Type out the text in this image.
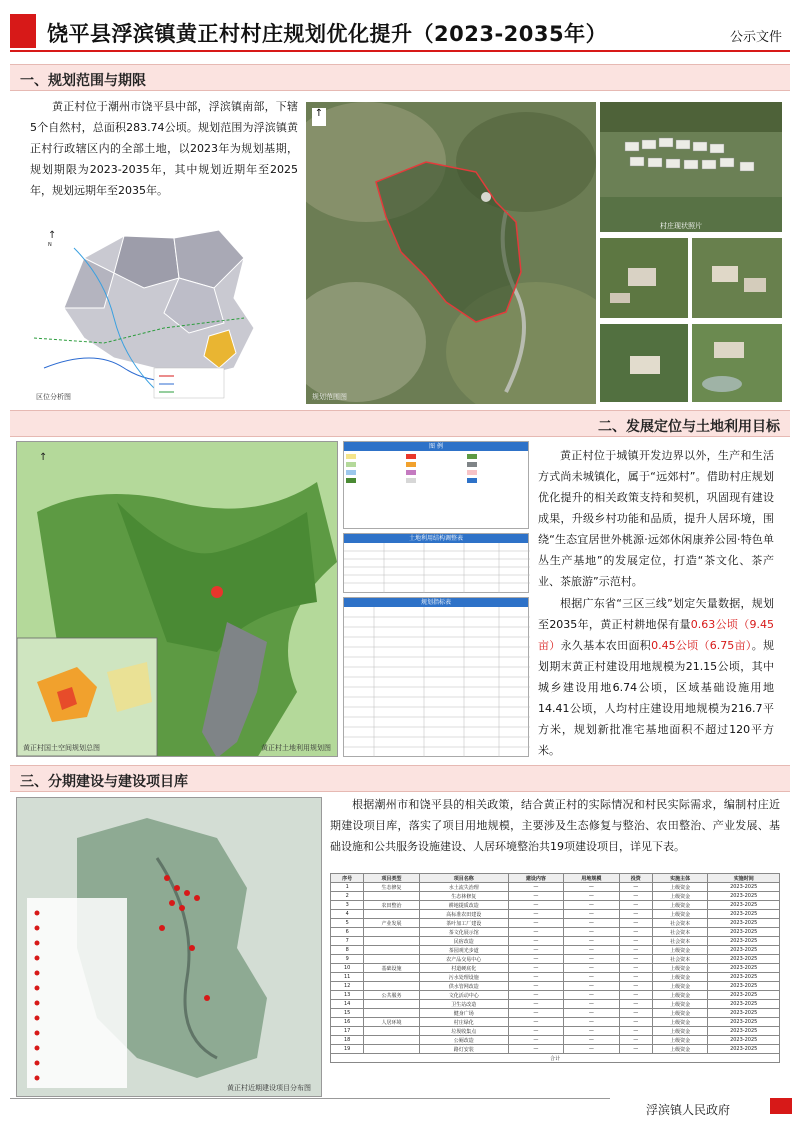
饶平县浮滨镇黄正村村庄规划优化提升（2023-2035年）	公示文件
一、规划范围与期限
黄正村位于潮州市饶平县中部，浮滨镇南部，下辖5个自然村，总面积283.74公顷。规划范围为浮滨镇黄正村行政辖区内的全部土地，以2023年为规划基期，规划期限为2023-2035年，其中规划近期年至2025年，规划远期年至2035年。
↑
N
区位分析图
↑
规划范围图
村庄现状照片
二、发展定位与土地利用目标
↑
黄正村国土空间规划总图	黄正村土地利用规划图
图 例
土地利用结构调整表
规划指标表
黄正村位于城镇开发边界以外，生产和生活方式尚未城镇化，属于“远郊村”。借助村庄规划优化提升的相关政策支持和契机，巩固现有建设成果，升级乡村功能和品质，提升人居环境，围绕“生态宜居世外桃源·远郊休闲康养公园·特色单丛生产基地”的发展定位，打造“茶文化、茶产业、茶旅游”示范村。
根据广东省“三区三线”划定矢量数据，规划至2035年，黄正村耕地保有量0.63公顷（9.45亩）永久基本农田面积0.45公顷（6.75亩）。规划期末黄正村建设用地规模为21.15公顷，其中城乡建设用地6.74公顷，区域基础设施用地14.41公顷，人均村庄建设用地规模为216.7平方米，规划新批准宅基地面积不超过120平方米。
三、分期建设与建设项目库
黄正村近期建设项目分布图
根据潮州市和饶平县的相关政策，结合黄正村的实际情况和村民实际需求，编制村庄近期建设项目库，落实了项目用地规模，主要涉及生态修复与整治、农田整治、产业发展、基础设施和公共服务设施建设、人居环境整治共19项建设项目，详见下表。
序号	项目类型	项目名称	建设内容	用地规模	投资	实施主体	实施时间
1	生态修复	水土流失治理	—	—	—	上级资金	2023-2025
2		生态林修复	—	—	—	上级资金	2023-2025
3	农田整治	耕地提质改造	—	—	—	上级资金	2023-2025
4		高标准农田建设	—	—	—	上级资金	2023-2025
5	产业发展	茶叶加工厂建设	—	—	—	社会资本	2023-2025
6		茶文化展示馆	—	—	—	社会资本	2023-2025
7		民宿改造	—	—	—	社会资本	2023-2025
8		茶园观光步道	—	—	—	上级资金	2023-2025
9		农产品交易中心	—	—	—	社会资本	2023-2025
10	基础设施	村道硬底化	—	—	—	上级资金	2023-2025
11		污水处理设施	—	—	—	上级资金	2023-2025
12		供水管网改造	—	—	—	上级资金	2023-2025
13	公共服务	文化活动中心	—	—	—	上级资金	2023-2025
14		卫生站改造	—	—	—	上级资金	2023-2025
15		健身广场	—	—	—	上级资金	2023-2025
16	人居环境	村庄绿化	—	—	—	上级资金	2023-2025
17		垃圾收集点	—	—	—	上级资金	2023-2025
18		公厕改造	—	—	—	上级资金	2023-2025
19		路灯安装	—	—	—	上级资金	2023-2025
合计							
浮滨镇人民政府
